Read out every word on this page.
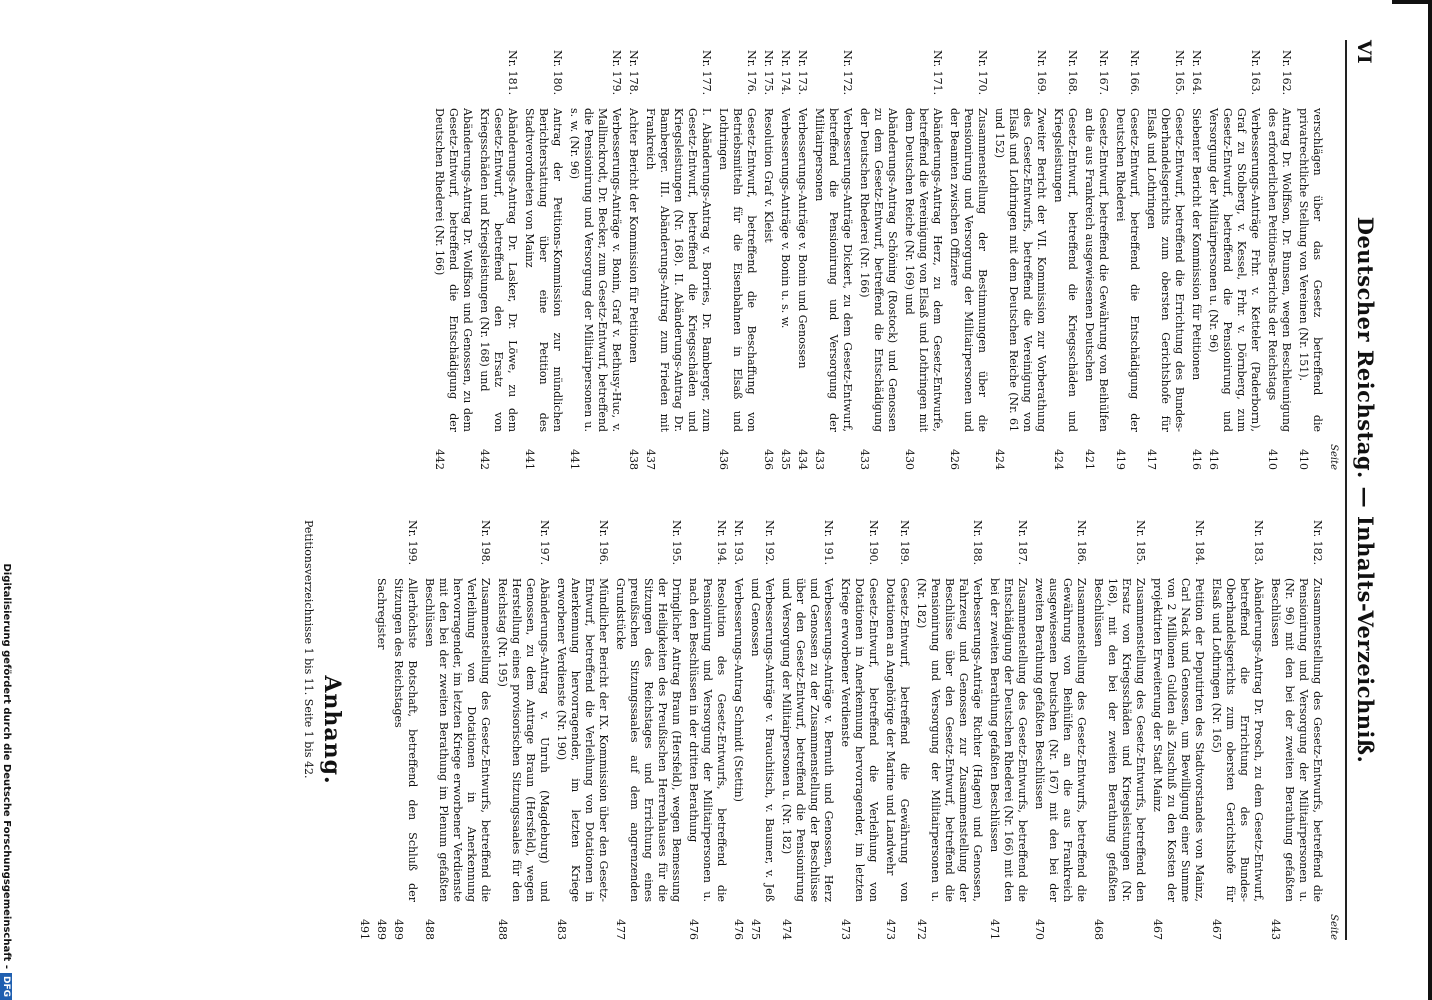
VI
Deutscher Reichstag. — Inhalts-Verzeichniß.
Seite
verschlägen über das Gesetz betreffend die privatrechtliche Stellung von Vereinen (Nr. 151).
410
Nr. 162.
Antrag Dr. Wolffson, Dr. Bunsen, wegen Beschleunigung des erforderlichen Petitions-Berichts der Reichstags
410
Nr. 163.
Verbesserungs-Anträge Frhr. v. Ketteler (Paderborn), Graf zu Stolberg, v. Kessel, Frhr. v. Dörnberg, zum Gesetz-Entwurf, betreffend die Pensionirung und Versorgung der Militairpersonen u. (Nr. 96)
416
Nr. 164.
Siebenter Bericht der Kommission für Petitionen
416
Nr. 165.
Gesetz-Entwurf, betreffend die Errichtung des Bundes-Oberhandelsgerichts zum obersten Gerichtshofe für Elsaß und Lothringen
417
Nr. 166.
Gesetz-Entwurf, betreffend die Entschädigung der Deutschen Rhederei
419
Nr. 167.
Gesetz-Entwurf, betreffend die Gewährung von Beihülfen an die aus Frankreich ausgewiesenen Deutschen
421
Nr. 168.
Gesetz-Entwurf, betreffend die Kriegsschäden und Kriegsleistungen
424
Nr. 169.
Zweiter Bericht der VII. Kommission zur Vorberathung des Gesetz-Entwurfs, betreffend die Vereinigung von Elsaß und Lothringen mit dem Deutschen Reiche (Nr. 61 und 152)
424
Nr. 170.
Zusammenstellung der Bestimmungen über die Pensionirung und Versorgung der Militairpersonen und der Beamten zwischen Offiziere
426
Nr. 171.
Abänderungs-Antrag Herz, zu dem Gesetz-Entwurfe, betreffend die Vereinigung von Elsaß und Lothringen mit dem Deutschen Reiche (Nr. 169) und
430
Abänderungs-Antrag Schöning (Rostock) und Genossen zu dem Gesetz-Entwurf, betreffend die Entschädigung der Deutschen Rhederei (Nr. 166)
433
Nr. 172.
Verbesserungs-Anträge Dickert, zu dem Gesetz-Entwurf, betreffend die Pensionirung und Versorgung der Militairpersonen
433
Nr. 173.
Verbesserungs-Anträge v. Bonin und Genossen
434
Nr. 174.
Verbesserungs-Anträge v. Bonin u. s. w.
435
Nr. 175.
Resolution Graf v. Kleist
436
Nr. 176.
Gesetz-Entwurf, betreffend die Beschaffung von Betriebsmitteln für die Eisenbahnen in Elsaß und Lothringen
436
Nr. 177.
I. Abänderungs-Antrag v. Borries, Dr. Bamberger, zum Gesetz-Entwurf, betreffend die Kriegsschäden und Kriegsleistungen (Nr. 168). II. Abänderungs-Antrag Dr. Bamberger. III. Abänderungs-Antrag zum Frieden mit Frankreich
437
Nr. 178.
Achter Bericht der Kommission für Petitionen
438
Nr. 179.
Verbesserungs-Anträge v. Bonin, Graf v. Bethusy-Huc, v. Mallinckrodt, Dr. Becker, zum Gesetz-Entwurf, betreffend die Pensionirung und Versorgung der Militairpersonen u. s. w. (Nr. 96)
441
Nr. 180.
Antrag der Petitions-Kommission zur mündlichen Berichterstattung über eine Petition des Stadtverordneten von Mainz
441
Nr. 181.
Abänderungs-Antrag Dr. Lasker, Dr. Löwe, zu dem Gesetz-Entwurf, betreffend den Ersatz von Kriegsschäden und Kriegsleistungen (Nr. 168) und
442
Abänderungs-Antrag Dr. Wolffson und Genossen, zu dem Gesetz-Entwurf, betreffend die Entschädigung der Deutschen Rhederei (Nr. 166)
442
Seite
Nr. 182.
Zusammenstellung des Gesetz-Entwurfs, betreffend die Pensionirung und Versorgung der Militairpersonen u. (Nr. 96) mit den bei der zweiten Berathung gefaßten Beschlüssen
443
Nr. 183.
Abänderungs-Antrag Dr. Prosch, zu dem Gesetz-Entwurf, betreffend die Errichtung des Bundes-Oberhandelsgerichts zum obersten Gerichtshofe für Elsaß und Lothringen (Nr. 165)
467
Nr. 184.
Petition der Deputirten des Stadtvorstandes von Mainz, Carl Nack und Genossen, um Bewilligung einer Summe von 2 Millionen Gulden als Zuschuß zu den Kosten der projektirten Erweiterung der Stadt Mainz
467
Nr. 185.
Zusammenstellung des Gesetz-Entwurfs, betreffend den Ersatz von Kriegsschäden und Kriegsleistungen (Nr. 168), mit den bei der zweiten Berathung gefaßten Beschlüssen
468
Nr. 186.
Zusammenstellung des Gesetz-Entwurfs, betreffend die Gewährung von Beihülfen an die aus Frankreich ausgewiesenen Deutschen (Nr. 167) mit den bei der zweiten Berathung gefaßten Beschlüssen
470
Nr. 187.
Zusammenstellung des Gesetz-Entwurfs, betreffend die Entschädigung der Deutschen Rhederei (Nr. 166) mit den bei der zweiten Berathung gefaßten Beschlüssen
471
Nr. 188.
Verbesserungs-Anträge Richter (Hagen) und Genossen, Fahrzeug und Genossen zur Zusammenstellung der Beschlüsse über den Gesetz-Entwurf, betreffend die Pensionirung und Versorgung der Militairpersonen u. (Nr. 182)
472
Nr. 189.
Gesetz-Entwurf, betreffend die Gewährung von Dotationen an Angehörige der Marine und Landwehr
473
Nr. 190.
Gesetz-Entwurf, betreffend die Verleihung von Dotationen in Anerkennung hervorragender, im letzten Kriege erworbener Verdienste
473
Nr. 191.
Verbesserungs-Anträge v. Bernuth und Genossen, Herz und Genossen zu der Zusammenstellung der Beschlüsse über den Gesetz-Entwurf, betreffend die Pensionirung und Versorgung der Militairpersonen u. (Nr. 182)
474
Nr. 192.
Verbesserungs-Anträge v. Brauchitsch, v. Baumer, v. Jeß und Genossen
475
Nr. 193.
Verbesserungs-Antrag Schmidt (Stettin)
476
Nr. 194.
Resolution des Gesetz-Entwurfs, betreffend die Pensionirung und Versorgung der Militairpersonen u. nach den Beschlüssen in der dritten Berathung
476
Nr. 195.
Dringlicher Antrag Braun (Hersfeld), wegen Bemessung der Heiligkeiten des Preußischen Herrenhauses für die Sitzungen des Reichstages und Errichtung eines preußischen Sitzungssaales auf dem angrenzenden Grundstücke
477
Nr. 196.
Mündlicher Bericht der IX. Kommission über den Gesetz-Entwurf, betreffend die Verleihung von Dotationen in Anerkennung hervorragender, im letzten Kriege erworbener Verdienste (Nr. 190)
483
Nr. 197.
Abänderungs-Antrag v. Unruh (Magdeburg) und Genossen, zu dem Antrage Braun (Hersfeld), wegen Herstellung eines provisorischen Sitzungssaales für den Reichstag (Nr. 195)
488
Nr. 198.
Zusammenstellung des Gesetz-Entwurfs, betreffend die Verleihung von Dotationen in Anerkennung hervorragender, im letzten Kriege erworbener Verdienste mit den bei der zweiten Berathung im Plenum gefaßten Beschlüssen
488
Nr. 199.
Allerhöchste Botschaft, betreffend den Schluß der Sitzungen des Reichstages
489
Sachregister
489
491
Anhang.
Petitionsverzeichnisse 1 bis 11. Seite 1 bis 42.
Digitalisierung gefördert durch die Deutsche Forschungsgemeinschaft -
DFG
